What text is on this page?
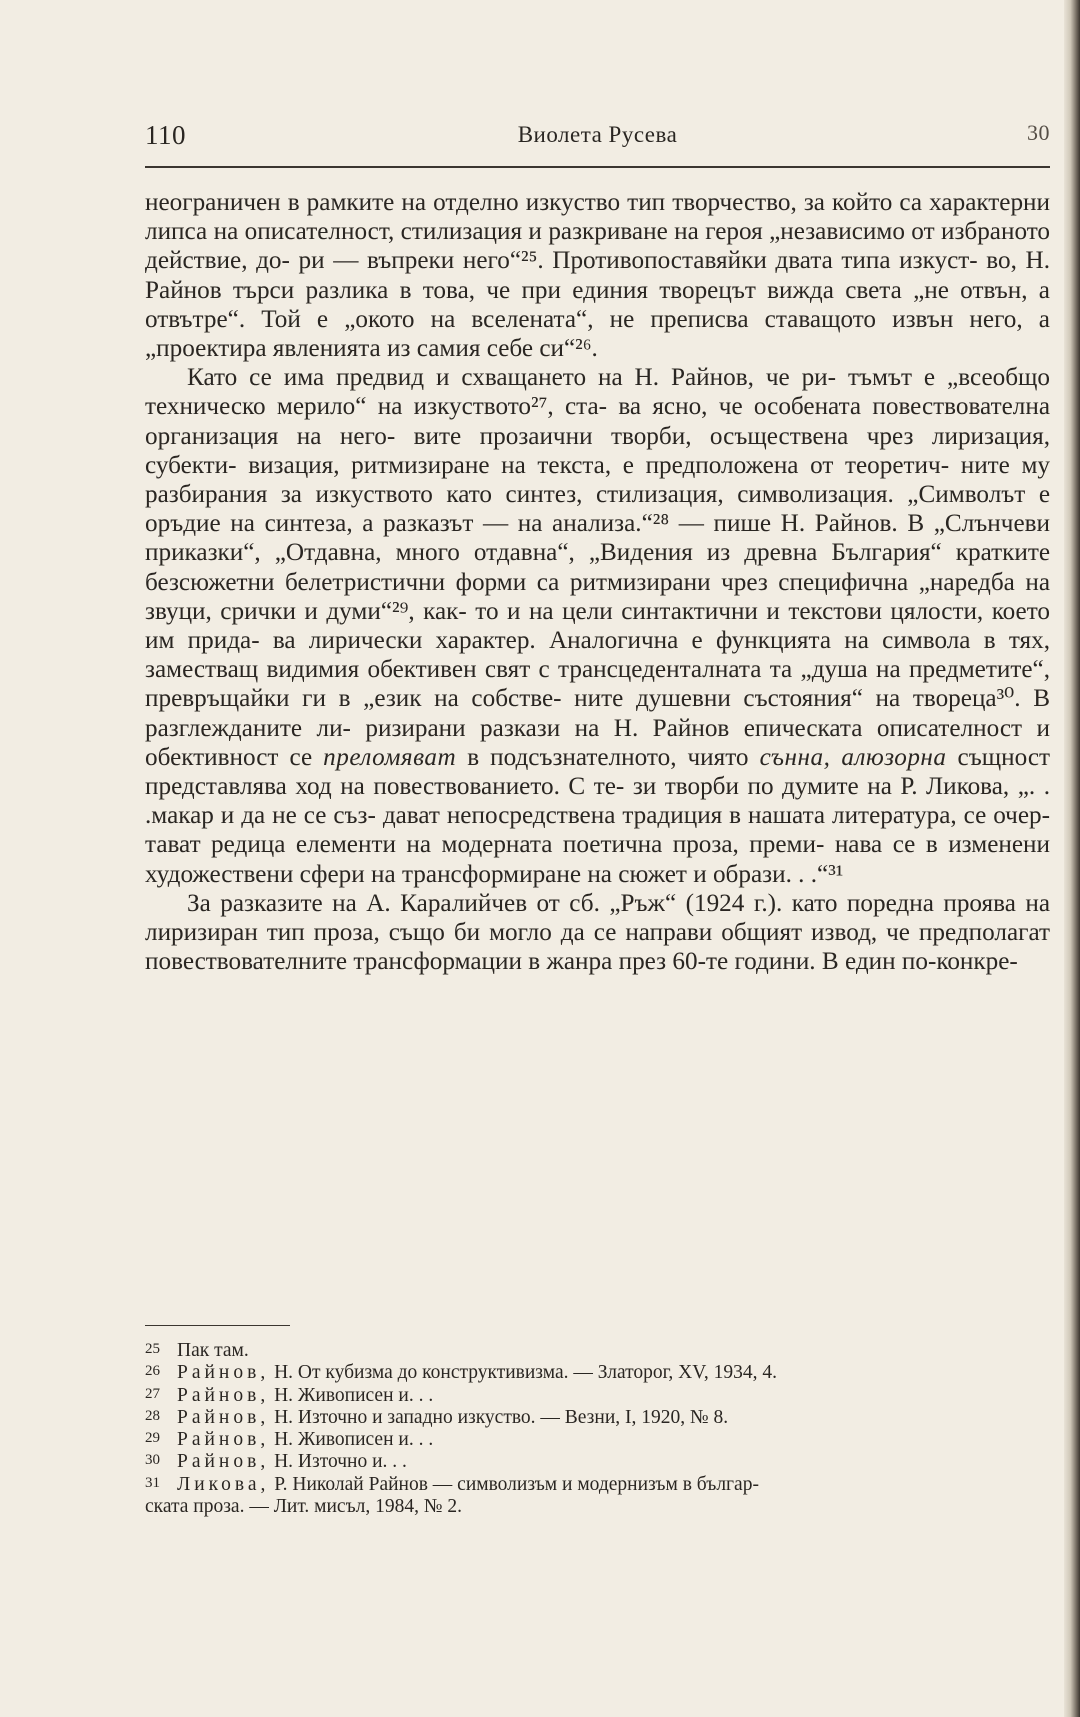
110	Виолета Русева	30

неограничен в рамките на отделно изкуство тип творчество, за който са характерни липса на описателност, стилизация и разкриване на героя „независимо от избраното действие, до- ри — въпреки него“²⁵. Противопоставяйки двата типа изкуст- во, Н. Райнов търси разлика в това, че при единия творецът вижда света „не отвън, а отвътре“. Той е „окото на вселената“, не преписва ставащото извън него, а „проектира явленията из самия себе си“²⁶.

Като се има предвид и схващането на Н. Райнов, че ри- тъмът е „всеобщо техническо мерило“ на изкуството²⁷, ста- ва ясно, че особената повествователна организация на него- вите прозаични творби, осъществена чрез лиризация, субекти- визация, ритмизиране на текста, е предположена от теоретич- ните му разбирания за изкуството като синтез, стилизация, символизация. „Символът е оръдие на синтеза, а разказът — на анализа.“²⁸ — пише Н. Райнов. В „Слънчеви приказки“, „Отдавна, много отдавна“, „Видения из древна България“ кратките безсюжетни белетристични форми са ритмизирани чрез специфична „наредба на звуци, срички и думи“²⁹, как- то и на цели синтактични и текстови цялости, което им прида- ва лирически характер. Аналогична е функцията на символа в тях, заместващ видимия обективен свят с трансцеденталната та „душа на предметите“, превръщайки ги в „език на собстве- ните душевни състояния“ на твореца³⁰. В разглежданите ли- ризирани разкази на Н. Райнов епическата описателност и обективност се преломяват в подсъзнателното, чиято сънна, алюзорна същност представлява ход на повествованието. С те- зи творби по думите на Р. Ликова, „. . .макар и да не се съз- дават непосредствена традиция в нашата литература, се очер- тават редица елементи на модерната поетична проза, преми- нава се в изменени художествени сфери на трансформиране на сюжет и образи. . .“³¹

За разказите на А. Каралийчев от сб. „Ръж“ (1924 г.). като поредна проява на лиризиран тип проза, също би могло да се направи общият извод, че предполагат повествователните трансформации в жанра през 60-те години. В един по-конкре-

25 Пак там.
26 Райнов, Н. От кубизма до конструктивизма. — Златорог, XV, 1934, 4.
27 Райнов, Н. Живописен и. . .
28 Райнов, Н. Източно и западно изкуство. — Везни, I, 1920, № 8.
29 Райнов, Н. Живописен и. . .
30 Райнов, Н. Източно и. . .
31 Ликова, Р. Николай Райнов — символизъм и модернизъм в българ-
ската проза. — Лит. мисъл, 1984, № 2.
